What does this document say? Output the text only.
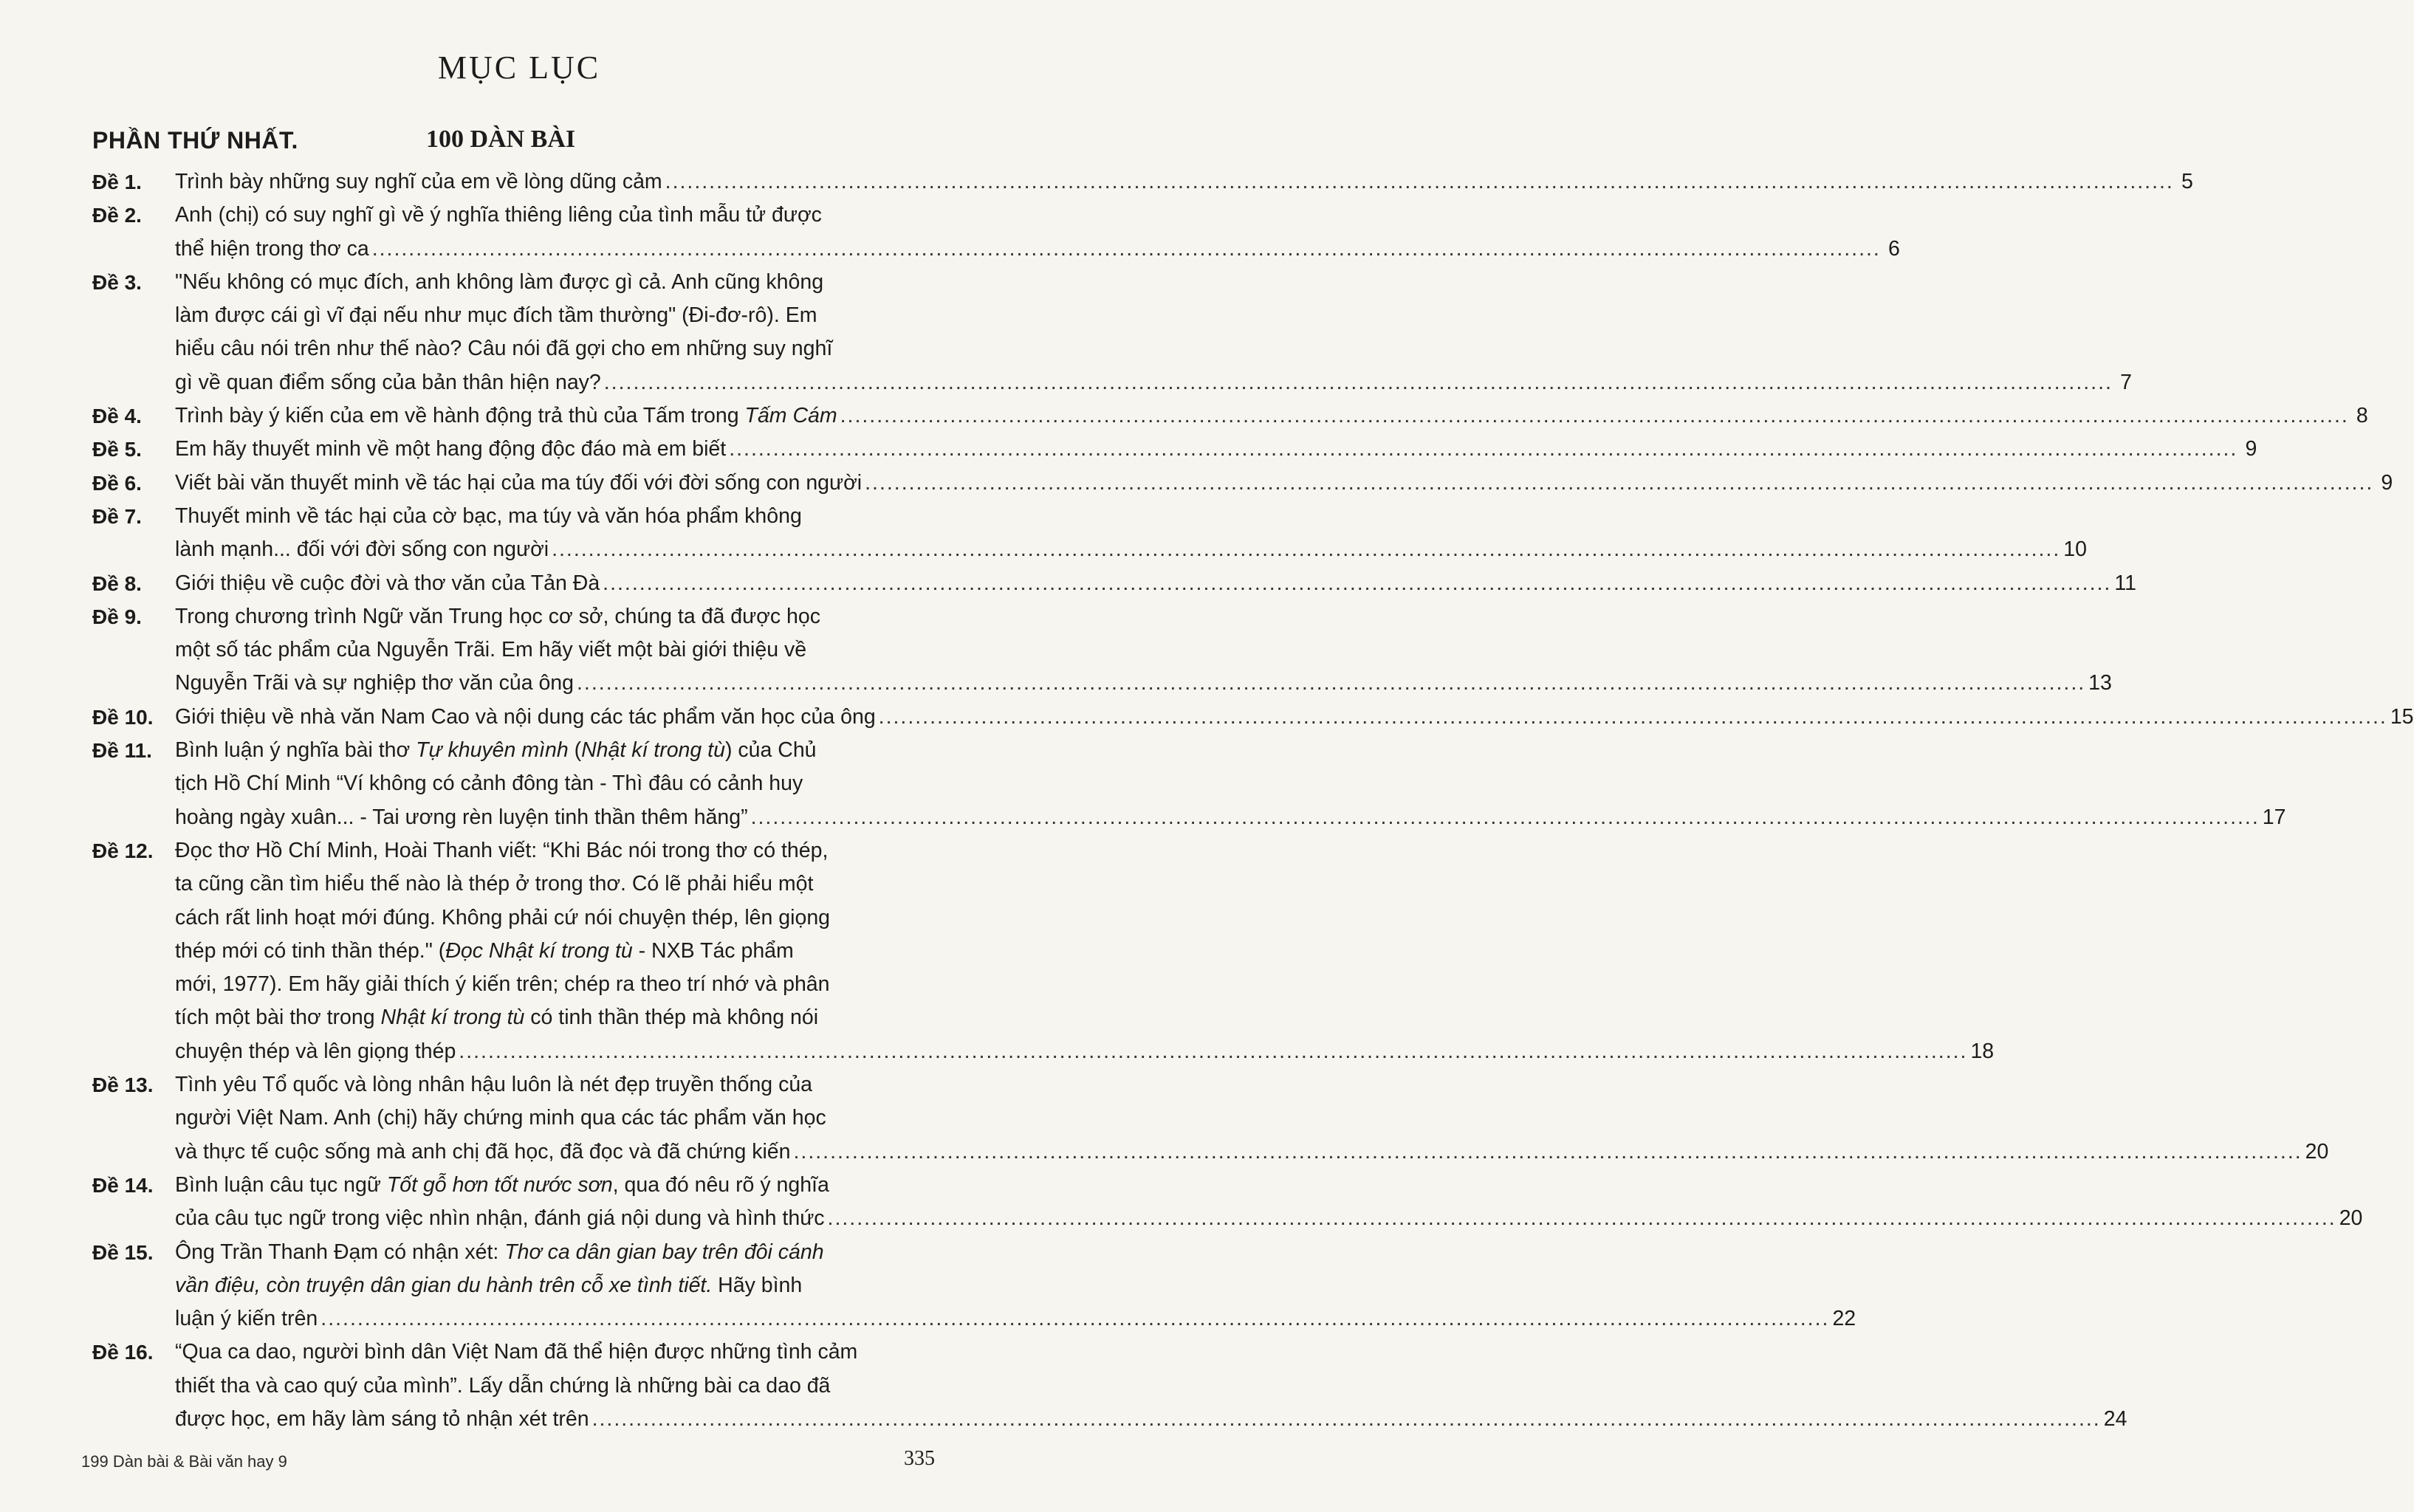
MỤC LỤC
PHẦN THỨ NHẤT.	100 DÀN BÀI
Đề 1.	Trình bày những suy nghĩ của em về lòng dũng cảm .....	5
Đề 2.	Anh (chị) có suy nghĩ gì về ý nghĩa thiêng liêng của tình mẫu tử được
thể hiện trong thơ ca .....	6
Đề 3.	"Nếu không có mục đích, anh không làm được gì cả. Anh cũng không
làm được cái gì vĩ đại nếu như mục đích tầm thường" (Đi-đơ-rô). Em
hiểu câu nói trên như thế nào? Câu nói đã gợi cho em những suy nghĩ
gì về quan điểm sống của bản thân hiện nay? .....	7
Đề 4.	Trình bày ý kiến của em về hành động trả thù của Tấm trong Tấm Cám .....	8
Đề 5.	Em hãy thuyết minh về một hang động độc đáo mà em biết .....	9
Đề 6.	Viết bài văn thuyết minh về tác hại của ma túy đối với đời sống con người .....	9
Đề 7.	Thuyết minh về tác hại của cờ bạc, ma túy và văn hóa phẩm không
lành mạnh... đối với đời sống con người .....	10
Đề 8.	Giới thiệu về cuộc đời và thơ văn của Tản Đà .....	11
Đề 9.	Trong chương trình Ngữ văn Trung học cơ sở, chúng ta đã được học
một số tác phẩm của Nguyễn Trãi. Em hãy viết một bài giới thiệu về
Nguyễn Trãi và sự nghiệp thơ văn của ông .....	13
Đề 10.	Giới thiệu về nhà văn Nam Cao và nội dung các tác phẩm văn học của ông .....	15
Đề 11.	Bình luận ý nghĩa bài thơ Tự khuyên mình (Nhật kí trong tù) của Chủ
tịch Hồ Chí Minh “Ví không có cảnh đông tàn - Thì đâu có cảnh huy
hoàng ngày xuân... - Tai ương rèn luyện tinh thần thêm hăng” .....	17
Đề 12.	Đọc thơ Hồ Chí Minh, Hoài Thanh viết: “Khi Bác nói trong thơ có thép,
ta cũng cần tìm hiểu thế nào là thép ở trong thơ. Có lẽ phải hiểu một
cách rất linh hoạt mới đúng. Không phải cứ nói chuyện thép, lên giọng
thép mới có tinh thần thép." (Đọc Nhật kí trong tù - NXB Tác phẩm
mới, 1977). Em hãy giải thích ý kiến trên; chép ra theo trí nhớ và phân
tích một bài thơ trong Nhật kí trong tù có tinh thần thép mà không nói
chuyện thép và lên giọng thép .....	18
Đề 13.	Tình yêu Tổ quốc và lòng nhân hậu luôn là nét đẹp truyền thống của
người Việt Nam. Anh (chị) hãy chứng minh qua các tác phẩm văn học
và thực tế cuộc sống mà anh chị đã học, đã đọc và đã chứng kiến .....	20
Đề 14.	Bình luận câu tục ngữ Tốt gỗ hơn tốt nước sơn, qua đó nêu rõ ý nghĩa
của câu tục ngữ trong việc nhìn nhận, đánh giá nội dung và hình thức .....	20
Đề 15.	Ông Trần Thanh Đạm có nhận xét: Thơ ca dân gian bay trên đôi cánh
vần điệu, còn truyện dân gian du hành trên cỗ xe tình tiết. Hãy bình
luận ý kiến trên .....	22
Đề 16.	“Qua ca dao, người bình dân Việt Nam đã thể hiện được những tình cảm
thiết tha và cao quý của mình”. Lấy dẫn chứng là những bài ca dao đã
được học, em hãy làm sáng tỏ nhận xét trên .....	24
199 Dàn bài & Bài văn hay 9	335
